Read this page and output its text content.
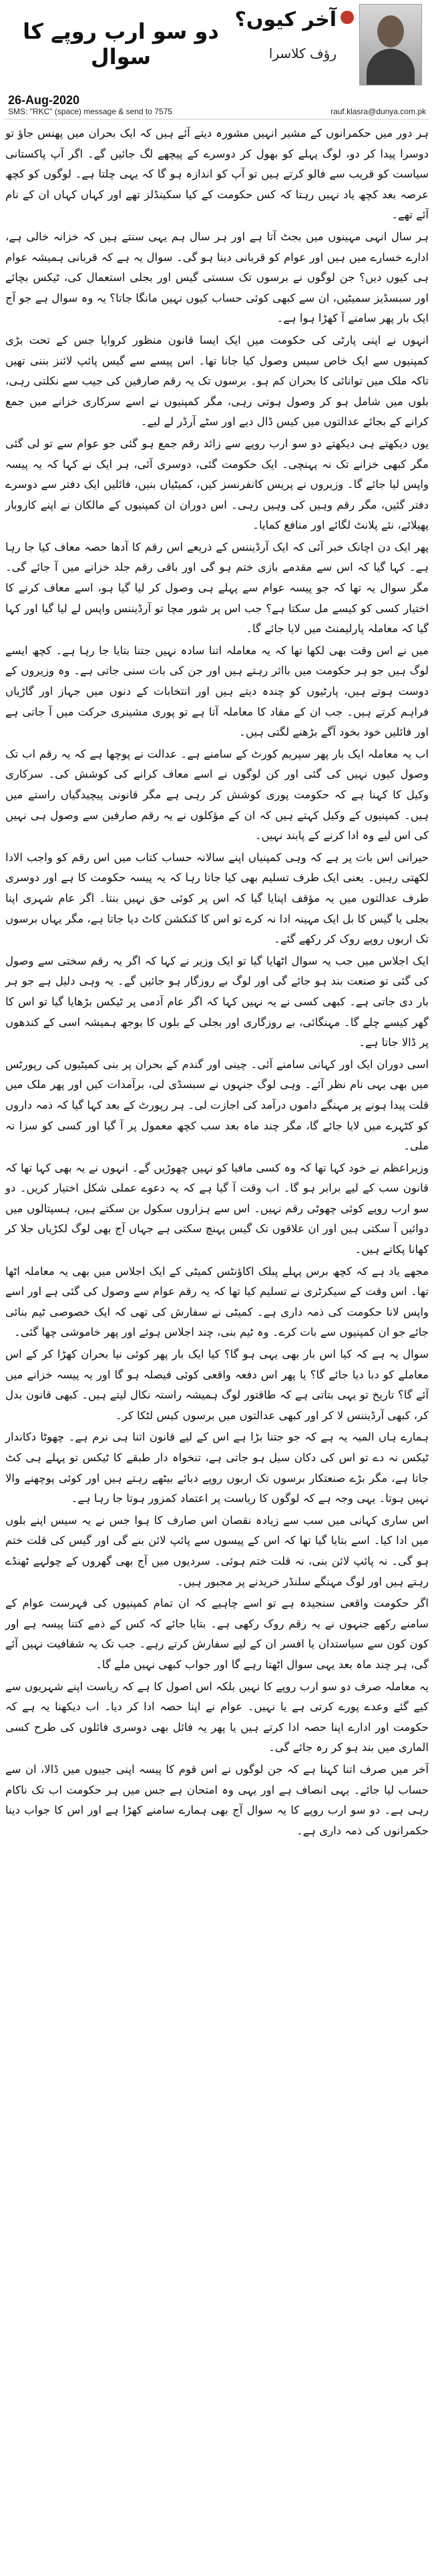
دو سو ارب روپے کا سوال
آخر کیوں؟
رؤف کلاسرا
26-Aug-2020
SMS: "RKC" (space) message & send to 7575	rauf.klasra@dunya.com.pk

ہر دور میں حکمرانوں کے مشیر انہیں مشورہ دیتے آئے ہیں کہ ایک بحران میں پھنس جاؤ تو دوسرا پیدا کر دو، لوگ پہلے کو بھول کر دوسرے کے پیچھے لگ جائیں گے۔ اگر آپ پاکستانی سیاست کو قریب سے فالو کرتے ہیں تو آپ کو اندازہ ہو گا کہ یہی چلتا ہے۔ لوگوں کو کچھ عرصہ بعد کچھ یاد نہیں رہتا کہ کس حکومت کے کیا سکینڈلز تھے اور کہاں کہاں ان کے نام آئے تھے۔

ہر سال انہی مہینوں میں بجٹ آتا ہے اور ہر سال ہم یہی سنتے ہیں کہ خزانہ خالی ہے، ادارے خسارے میں ہیں اور عوام کو قربانی دینا ہو گی۔ سوال یہ ہے کہ قربانی ہمیشہ عوام ہی کیوں دیں؟ جن لوگوں نے برسوں تک سستی گیس اور بجلی استعمال کی، ٹیکس بچائے اور سبسڈیز سمیٹیں، ان سے کبھی کوئی حساب کیوں نہیں مانگا جاتا؟ یہ وہ سوال ہے جو آج ایک بار پھر سامنے آ کھڑا ہوا ہے۔

انہوں نے اپنی پارٹی کی حکومت میں ایک ایسا قانون منظور کروایا جس کے تحت بڑی کمپنیوں سے ایک خاص سیس وصول کیا جانا تھا۔ اس پیسے سے گیس پائپ لائنز بننی تھیں تاکہ ملک میں توانائی کا بحران کم ہو۔ برسوں تک یہ رقم صارفین کی جیب سے نکلتی رہی، بلوں میں شامل ہو کر وصول ہوتی رہی، مگر کمپنیوں نے اسے سرکاری خزانے میں جمع کرانے کے بجائے عدالتوں میں کیس ڈال دیے اور سٹے آرڈر لے لیے۔

یوں دیکھتے ہی دیکھتے دو سو ارب روپے سے زائد رقم جمع ہو گئی جو عوام سے تو لی گئی مگر کبھی خزانے تک نہ پہنچی۔ ایک حکومت گئی، دوسری آئی، ہر ایک نے کہا کہ یہ پیسہ واپس لیا جائے گا۔ وزیروں نے پریس کانفرنسز کیں، کمیٹیاں بنیں، فائلیں ایک دفتر سے دوسرے دفتر گئیں، مگر رقم وہیں کی وہیں رہی۔ اس دوران ان کمپنیوں کے مالکان نے اپنے کاروبار پھیلائے، نئے پلانٹ لگائے اور منافع کمایا۔

پھر ایک دن اچانک خبر آئی کہ ایک آرڈیننس کے ذریعے اس رقم کا آدھا حصہ معاف کیا جا رہا ہے۔ کہا گیا کہ اس سے مقدمے بازی ختم ہو گی اور باقی رقم جلد خزانے میں آ جائے گی۔ مگر سوال یہ تھا کہ جو پیسہ عوام سے پہلے ہی وصول کر لیا گیا ہو، اسے معاف کرنے کا اختیار کسی کو کیسے مل سکتا ہے؟ جب اس پر شور مچا تو آرڈیننس واپس لے لیا گیا اور کہا گیا کہ معاملہ پارلیمنٹ میں لایا جائے گا۔

میں نے اس وقت بھی لکھا تھا کہ یہ معاملہ اتنا سادہ نہیں جتنا بتایا جا رہا ہے۔ کچھ ایسے لوگ ہیں جو ہر حکومت میں بااثر رہتے ہیں اور جن کی بات سنی جاتی ہے۔ وہ وزیروں کے دوست ہوتے ہیں، پارٹیوں کو چندہ دیتے ہیں اور انتخابات کے دنوں میں جہاز اور گاڑیاں فراہم کرتے ہیں۔ جب ان کے مفاد کا معاملہ آتا ہے تو پوری مشینری حرکت میں آ جاتی ہے اور فائلیں خود بخود آگے بڑھنے لگتی ہیں۔

اب یہ معاملہ ایک بار پھر سپریم کورٹ کے سامنے ہے۔ عدالت نے پوچھا ہے کہ یہ رقم اب تک وصول کیوں نہیں کی گئی اور کن لوگوں نے اسے معاف کرانے کی کوشش کی۔ سرکاری وکیل کا کہنا ہے کہ حکومت پوری کوشش کر رہی ہے مگر قانونی پیچیدگیاں راستے میں ہیں۔ کمپنیوں کے وکیل کہتے ہیں کہ ان کے مؤکلوں نے یہ رقم صارفین سے وصول ہی نہیں کی اس لیے وہ ادا کرنے کے پابند نہیں۔

حیرانی اس بات پر ہے کہ وہی کمپنیاں اپنے سالانہ حساب کتاب میں اس رقم کو واجب الادا لکھتی رہیں۔ یعنی ایک طرف تسلیم بھی کیا جاتا رہا کہ یہ پیسہ حکومت کا ہے اور دوسری طرف عدالتوں میں یہ مؤقف اپنایا گیا کہ اس پر کوئی حق نہیں بنتا۔ اگر عام شہری اپنا بجلی یا گیس کا بل ایک مہینہ ادا نہ کرے تو اس کا کنکشن کاٹ دیا جاتا ہے، مگر یہاں برسوں تک اربوں روپے روک کر رکھے گئے۔

ایک اجلاس میں جب یہ سوال اٹھایا گیا تو ایک وزیر نے کہا کہ اگر یہ رقم سختی سے وصول کی گئی تو صنعت بند ہو جائے گی اور لوگ بے روزگار ہو جائیں گے۔ یہ وہی دلیل ہے جو ہر بار دی جاتی ہے۔ کبھی کسی نے یہ نہیں کہا کہ اگر عام آدمی پر ٹیکس بڑھایا گیا تو اس کا گھر کیسے چلے گا۔ مہنگائی، بے روزگاری اور بجلی کے بلوں کا بوجھ ہمیشہ اسی کے کندھوں پر ڈالا جاتا ہے۔

اسی دوران ایک اور کہانی سامنے آئی۔ چینی اور گندم کے بحران پر بنی کمیٹیوں کی رپورٹس میں بھی یہی نام نظر آئے۔ وہی لوگ جنہوں نے سبسڈی لی، برآمدات کیں اور پھر ملک میں قلت پیدا ہونے پر مہنگے داموں درآمد کی اجازت لی۔ ہر رپورٹ کے بعد کہا گیا کہ ذمہ داروں کو کٹہرے میں لایا جائے گا، مگر چند ماہ بعد سب کچھ معمول پر آ گیا اور کسی کو سزا نہ ملی۔

وزیراعظم نے خود کہا تھا کہ وہ کسی مافیا کو نہیں چھوڑیں گے۔ انہوں نے یہ بھی کہا تھا کہ قانون سب کے لیے برابر ہو گا۔ اب وقت آ گیا ہے کہ یہ دعوے عملی شکل اختیار کریں۔ دو سو ارب روپے کوئی چھوٹی رقم نہیں۔ اس سے ہزاروں سکول بن سکتے ہیں، ہسپتالوں میں دوائیں آ سکتی ہیں اور ان علاقوں تک گیس پہنچ سکتی ہے جہاں آج بھی لوگ لکڑیاں جلا کر کھانا پکاتے ہیں۔

مجھے یاد ہے کہ کچھ برس پہلے پبلک اکاؤنٹس کمیٹی کے ایک اجلاس میں بھی یہ معاملہ اٹھا تھا۔ اس وقت کے سیکرٹری نے تسلیم کیا تھا کہ یہ رقم عوام سے وصول کی گئی ہے اور اسے واپس لانا حکومت کی ذمہ داری ہے۔ کمیٹی نے سفارش کی تھی کہ ایک خصوصی ٹیم بنائی جائے جو ان کمپنیوں سے بات کرے۔ وہ ٹیم بنی، چند اجلاس ہوئے اور پھر خاموشی چھا گئی۔

سوال یہ ہے کہ کیا اس بار بھی یہی ہو گا؟ کیا ایک بار پھر کوئی نیا بحران کھڑا کر کے اس معاملے کو دبا دیا جائے گا؟ یا پھر اس دفعہ واقعی کوئی فیصلہ ہو گا اور یہ پیسہ خزانے میں آئے گا؟ تاریخ تو یہی بتاتی ہے کہ طاقتور لوگ ہمیشہ راستہ نکال لیتے ہیں۔ کبھی قانون بدل کر، کبھی آرڈیننس لا کر اور کبھی عدالتوں میں برسوں کیس لٹکا کر۔

ہمارے ہاں المیہ یہ ہے کہ جو جتنا بڑا ہے اس کے لیے قانون اتنا ہی نرم ہے۔ چھوٹا دکاندار ٹیکس نہ دے تو اس کی دکان سیل ہو جاتی ہے، تنخواہ دار طبقے کا ٹیکس تو پہلے ہی کٹ جاتا ہے، مگر بڑے صنعتکار برسوں تک اربوں روپے دبائے بیٹھے رہتے ہیں اور کوئی پوچھنے والا نہیں ہوتا۔ یہی وجہ ہے کہ لوگوں کا ریاست پر اعتماد کمزور ہوتا جا رہا ہے۔

اس ساری کہانی میں سب سے زیادہ نقصان اس صارف کا ہوا جس نے یہ سیس اپنے بلوں میں ادا کیا۔ اسے بتایا گیا تھا کہ اس کے پیسوں سے پائپ لائن بنے گی اور گیس کی قلت ختم ہو گی۔ نہ پائپ لائن بنی، نہ قلت ختم ہوئی۔ سردیوں میں آج بھی گھروں کے چولہے ٹھنڈے رہتے ہیں اور لوگ مہنگے سلنڈر خریدنے پر مجبور ہیں۔

اگر حکومت واقعی سنجیدہ ہے تو اسے چاہیے کہ ان تمام کمپنیوں کی فہرست عوام کے سامنے رکھے جنہوں نے یہ رقم روک رکھی ہے۔ بتایا جائے کہ کس کے ذمے کتنا پیسہ ہے اور کون کون سے سیاستدان یا افسر ان کے لیے سفارش کرتے رہے۔ جب تک یہ شفافیت نہیں آئے گی، ہر چند ماہ بعد یہی سوال اٹھتا رہے گا اور جواب کبھی نہیں ملے گا۔

یہ معاملہ صرف دو سو ارب روپے کا نہیں بلکہ اس اصول کا ہے کہ ریاست اپنے شہریوں سے کیے گئے وعدے پورے کرتی ہے یا نہیں۔ عوام نے اپنا حصہ ادا کر دیا۔ اب دیکھنا یہ ہے کہ حکومت اور ادارے اپنا حصہ ادا کرتے ہیں یا پھر یہ فائل بھی دوسری فائلوں کی طرح کسی الماری میں بند ہو کر رہ جائے گی۔

آخر میں صرف اتنا کہنا ہے کہ جن لوگوں نے اس قوم کا پیسہ اپنی جیبوں میں ڈالا، ان سے حساب لیا جائے۔ یہی انصاف ہے اور یہی وہ امتحان ہے جس میں ہر حکومت اب تک ناکام رہی ہے۔ دو سو ارب روپے کا یہ سوال آج بھی ہمارے سامنے کھڑا ہے اور اس کا جواب دینا حکمرانوں کی ذمہ داری ہے۔
